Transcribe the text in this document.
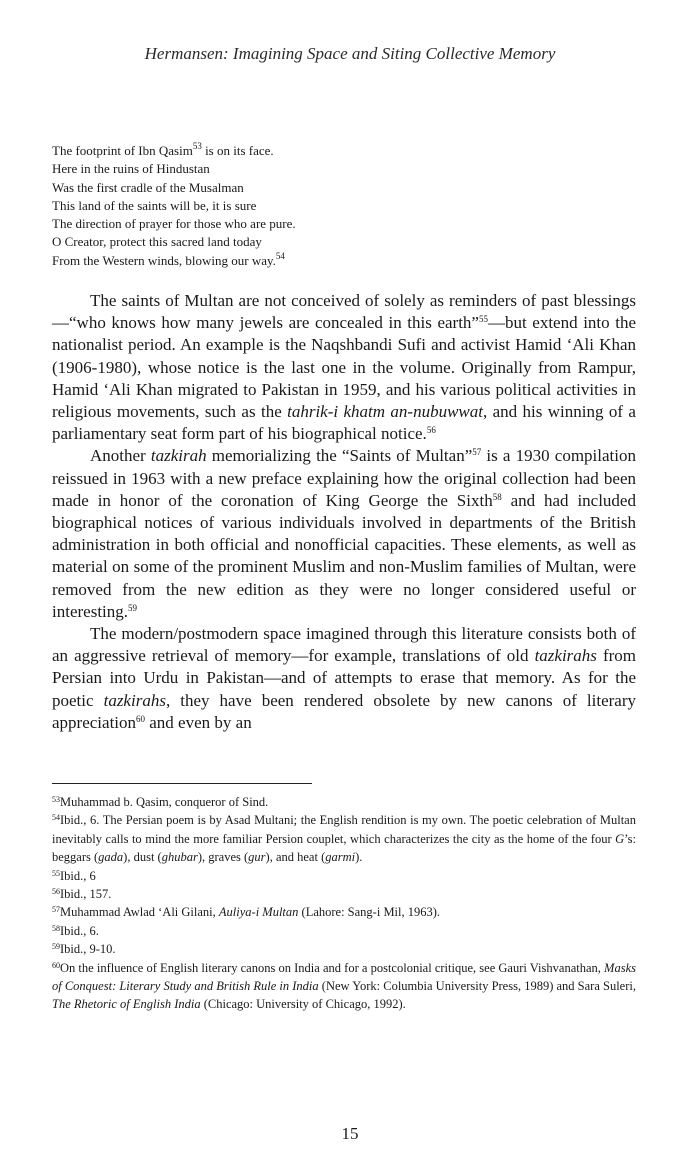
Hermansen: Imagining Space and Siting Collective Memory
The footprint of Ibn Qasim$^{53}$ is on its face.
Here in the ruins of Hindustan
Was the first cradle of the Musalman
This land of the saints will be, it is sure
The direction of prayer for those who are pure.
O Creator, protect this sacred land today
From the Western winds, blowing our way.$^{54}$

The saints of Multan are not conceived of solely as reminders of past blessings—“who knows how many jewels are concealed in this earth”$^{55}$—but extend into the nationalist period. An example is the Naqshbandi Sufi and activist Hamid ‘Ali Khan (1906-1980), whose notice is the last one in the volume. Originally from Rampur, Hamid ‘Ali Khan migrated to Pakistan in 1959, and his various political activities in religious movements, such as the tahrik-i khatm an-nubuwwat, and his winning of a parliamentary seat form part of his biographical notice.$^{56}$

Another tazkirah memorializing the “Saints of Multan”$^{57}$ is a 1930 compilation reissued in 1963 with a new preface explaining how the original collection had been made in honor of the coronation of King George the Sixth$^{58}$ and had included biographical notices of various individuals involved in departments of the British administration in both official and nonofficial capacities. These elements, as well as material on some of the prominent Muslim and non-Muslim families of Multan, were removed from the new edition as they were no longer considered useful or interesting.$^{59}$

The modern/postmodern space imagined through this literature consists both of an aggressive retrieval of memory—for example, translations of old tazkirahs from Persian into Urdu in Pakistan—and of attempts to erase that memory. As for the poetic tazkirahs, they have been rendered obsolete by new canons of literary appreciation$^{60}$ and even by an

$^{53}$Muhammad b. Qasim, conqueror of Sind.

$^{54}$Ibid., 6. The Persian poem is by Asad Multani; the English rendition is my own. The poetic celebration of Multan inevitably calls to mind the more familiar Persion couplet, which characterizes the city as the home of the four G’s: beggars (gada), dust (ghubar), graves (gur), and heat (garmi).

$^{55}$Ibid., 6

$^{56}$Ibid., 157.

$^{57}$Muhammad Awlad ‘Ali Gilani, Auliya-i Multan (Lahore: Sang-i Mil, 1963).

$^{58}$Ibid., 6.

$^{59}$Ibid., 9-10.

$^{60}$On the influence of English literary canons on India and for a postcolonial critique, see Gauri Vishvanathan, Masks of Conquest: Literary Study and British Rule in India (New York: Columbia University Press, 1989) and Sara Suleri, The Rhetoric of English India (Chicago: University of Chicago, 1992).

15
